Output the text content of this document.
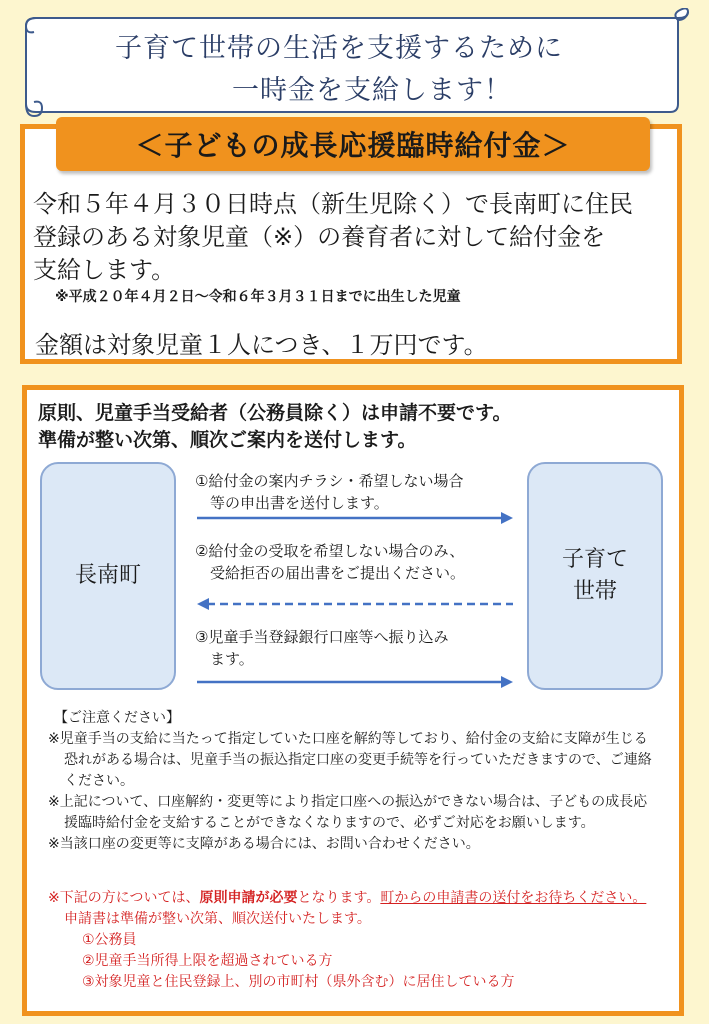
子育て世帯の生活を支援するために
一時金を支給します！
＜子どもの成長応援臨時給付金＞
令和５年４月３０日時点（新生児除く）で長南町に住民
登録のある対象児童（※）の養育者に対して給付金を
支給します。
※平成２０年４月２日～令和６年３月３１日までに出生した児童
金額は対象児童１人につき、１万円です。
原則、児童手当受給者（公務員除く）は申請不要です。
準備が整い次第、順次ご案内を送付します。
長南町
子育て
世帯
①給付金の案内チラシ・希望しない場合
　等の申出書を送付します。
②給付金の受取を希望しない場合のみ、
　受給拒否の届出書をご提出ください。
③児童手当登録銀行口座等へ振り込み
　ます。
【ご注意ください】
※児童手当の支給に当たって指定していた口座を解約等しており、給付金の支給に支障が生じる恐れがある場合は、児童手当の振込指定口座の変更手続等を行っていただきますので、ご連絡ください。
※上記について、口座解約・変更等により指定口座への振込ができない場合は、子どもの成長応援臨時給付金を支給することができなくなりますので、必ずご対応をお願いします。
※当該口座の変更等に支障がある場合には、お問い合わせください。
※下記の方については、原則申請が必要となります。町からの申請書の送付をお待ちください。申請書は準備が整い次第、順次送付いたします。
①公務員
②児童手当所得上限を超過されている方
③対象児童と住民登録上、別の市町村（県外含む）に居住している方
